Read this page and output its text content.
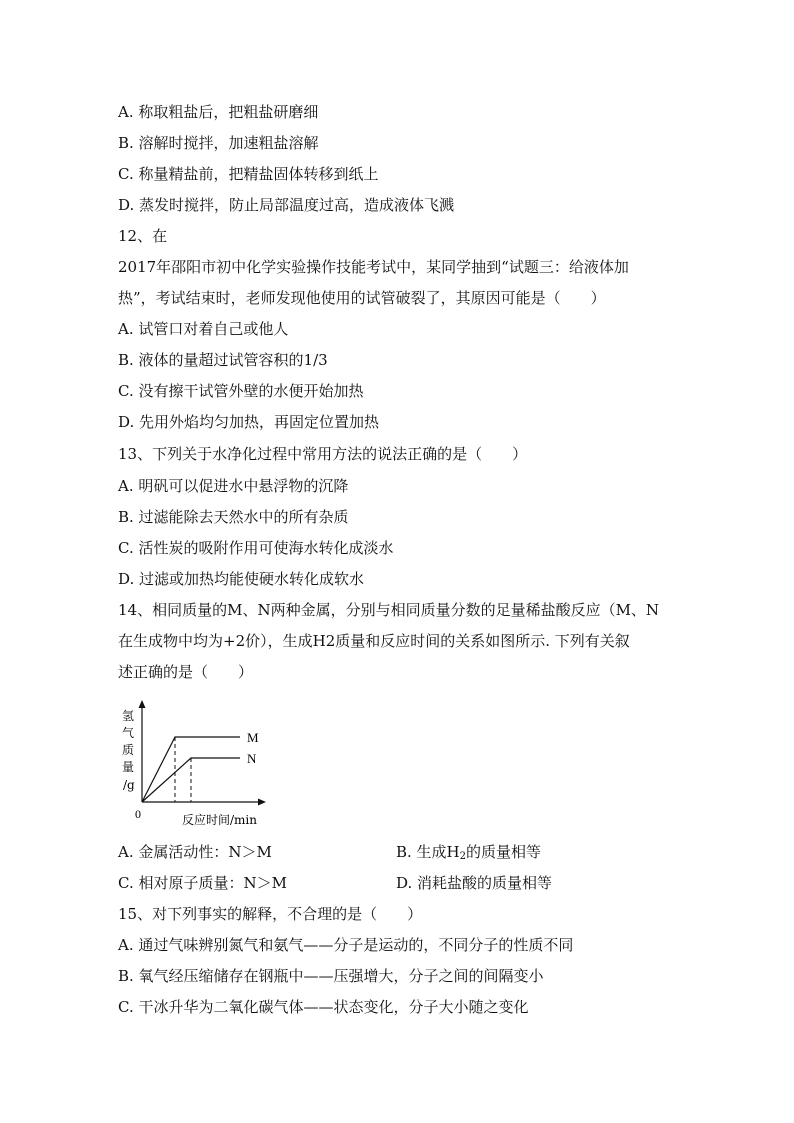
A. 称取粗盐后，把粗盐研磨细
B. 溶解时搅拌，加速粗盐溶解
C. 称量精盐前，把精盐固体转移到纸上
D. 蒸发时搅拌，防止局部温度过高，造成液体飞溅
12、在
2017年邵阳市初中化学实验操作技能考试中，某同学抽到“试题三：给液体加
热”，考试结束时，老师发现他使用的试管破裂了，其原因可能是（　　）
A. 试管口对着自己或他人
B. 液体的量超过试管容积的1/3
C. 没有擦干试管外壁的水便开始加热
D. 先用外焰均匀加热，再固定位置加热
13、下列关于水净化过程中常用方法的说法正确的是（　　）
A. 明矾可以促进水中悬浮物的沉降
B. 过滤能除去天然水中的所有杂质
C. 活性炭的吸附作用可使海水转化成淡水
D. 过滤或加热均能使硬水转化成软水
14、相同质量的M、N两种金属，分别与相同质量分数的足量稀盐酸反应（M、N
在生成物中均为+2价），生成H2质量和反应时间的关系如图所示. 下列有关叙
述正确的是（　　）
M
N
0	反应时间/min
氢
气
质
量
/g
A. 金属活动性：N＞M	B. 生成$H_2$的质量相等
C. 相对原子质量：N＞M	D. 消耗盐酸的质量相等
15、对下列事实的解释，不合理的是（　　）
A. 通过气味辨别氮气和氨气——分子是运动的，不同分子的性质不同
B. 氧气经压缩储存在钢瓶中——压强增大，分子之间的间隔变小
C. 干冰升华为二氧化碳气体——状态变化，分子大小随之变化
